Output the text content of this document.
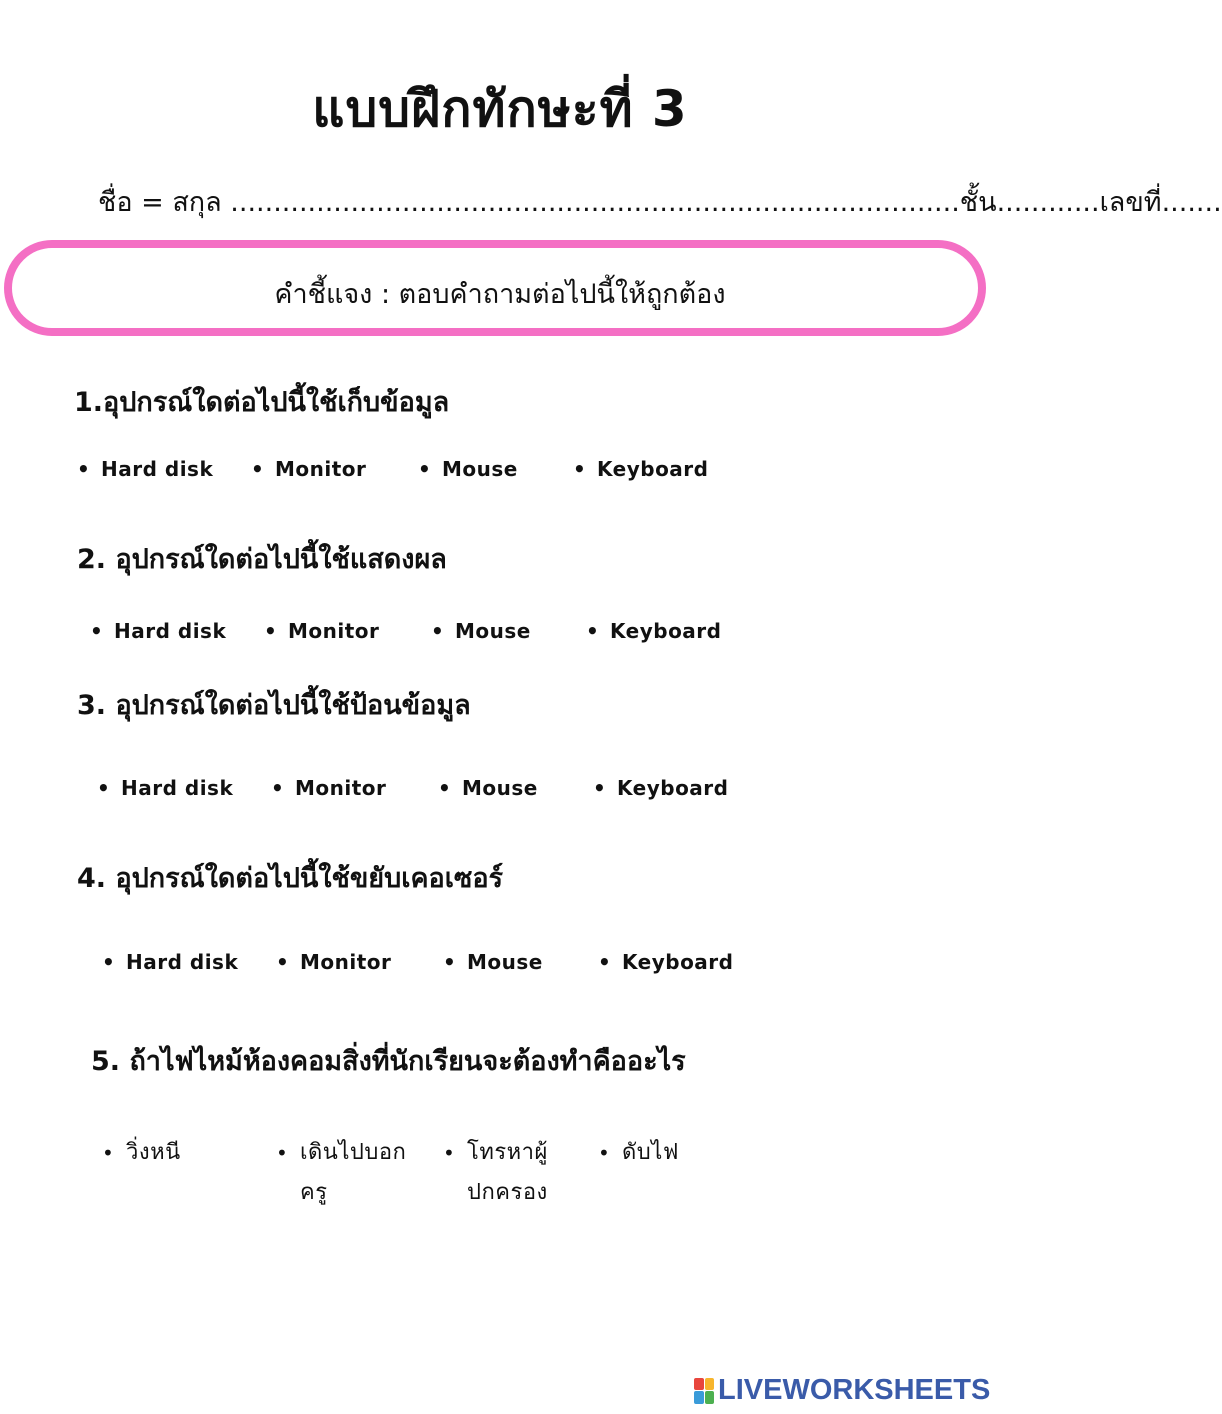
แบบฝึกทักษะที่ 3
ชื่อ = สกุล .....................................................................................ชั้น............เลขที่.......
คำชี้แจง : ตอบคำถามต่อไปนี้ให้ถูกต้อง
1.อุปกรณ์ใดต่อไปนี้ใช้เก็บข้อมูล
• Hard disk	• Monitor	• Mouse	• Keyboard
2. อุปกรณ์ใดต่อไปนี้ใช้แสดงผล
• Hard disk	• Monitor	• Mouse	• Keyboard
3. อุปกรณ์ใดต่อไปนี้ใช้ป้อนข้อมูล
• Hard disk	• Monitor	• Mouse	• Keyboard
4. อุปกรณ์ใดต่อไปนี้ใช้ขยับเคอเซอร์
• Hard disk	• Monitor	• Mouse	• Keyboard
5. ถ้าไฟไหม้ห้องคอมสิ่งที่นักเรียนจะต้องทำคืออะไร
• วิ่งหนี	• เดินไปบอกครู
• โทรหาผู้ปกครอง
• ดับไฟ
LIVEWORKSHEETS
